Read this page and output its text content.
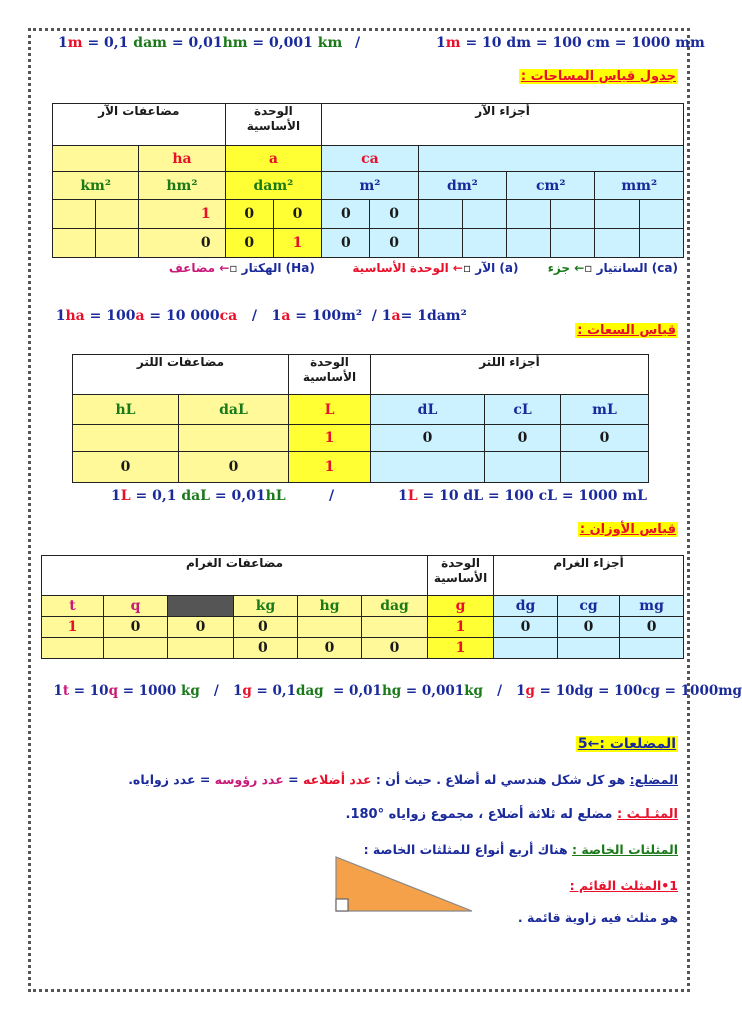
1m = 0,1 dam = 0,01hm = 0,001 km /	1m = 10 dm = 100 cm = 1000 mm
جدول قياس المساحات :
مضاعفات الآر			الوحدة الأساسية		أجزاء الآر							
		ha	a		ca							
km²		hm²	dam²		m²		dm²		cm²		mm²	
		1	0	0	0	0						
		0	0	1	0	0						
(ca) السانتيار ▫← جزء       (a) الآر ▫← الوحدة الأساسية         (Ha) الهكتار ▫← مضاعف

1ha = 100a = 10 000ca   /   1a = 100m²  / 1a= 1dam²

قياس السعات :
مضاعفات اللتر		الوحدة الأساسية	أجزاء اللتر		
hL	daL	L	dL	cL	mL
		1	0	0	0
0	0	1			
1L = 0,1 daL = 0,01hL	/	1L = 10 dL = 100 cL = 1000 mL
قياس الأوزان :
مضاعفات الغرام						الوحدة الأساسية	أجزاء الغرام		
t	q		kg	hg	dag	g	dg	cg	mg
1	0	0	0			1	0	0	0
			0	0	0	1			

1t = 10q = 1000 kg   /   1g = 0,1dag  = 0,01hg = 0,001kg   /   1g = 10dg = 100cg = 1000mg

المضلعات :←5
المضلع: هو كل شكل هندسي له أضلاع . حيث أن : عدد أضلاعه = عدد رؤوسه = عدد زواياه.
المثـلـث : مضلع له ثلاثة أضلاع ، مجموع زواياه °180.
المثلثات الخاصة : هناك أربع أنواع للمثلثات الخاصة :
1•المثلث القائم :
هو مثلث فيه زاوية قائمة .
